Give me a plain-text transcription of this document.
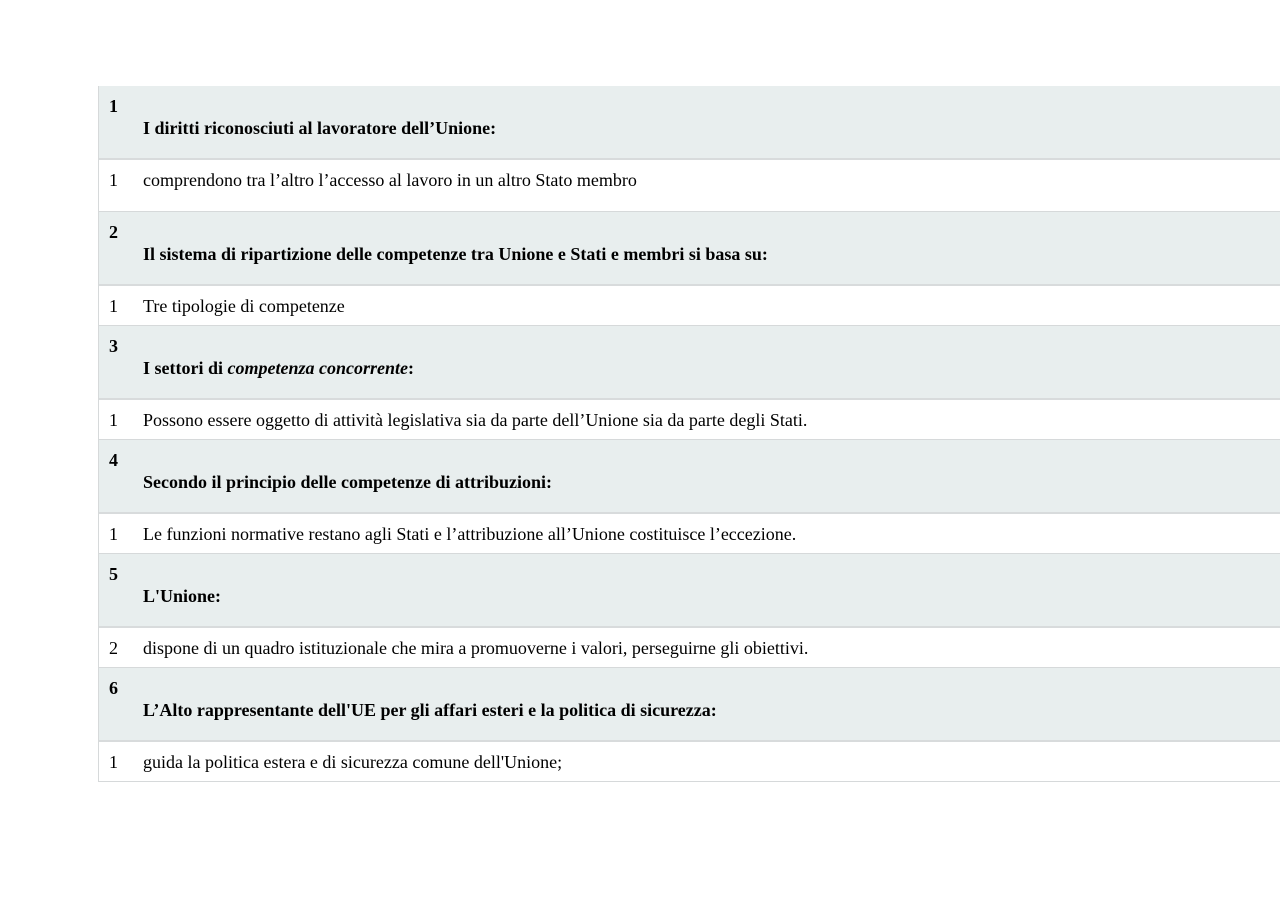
1
I diritti riconosciuti al lavoratore dell’Unione:
1 comprendono tra l’altro l’accesso al lavoro in un altro Stato membro
2
Il sistema di ripartizione delle competenze tra Unione e Stati e membri si basa su:
1 Tre tipologie di competenze
3
I settori di competenza concorrente:
1 Possono essere oggetto di attività legislativa sia da parte dell’Unione sia da parte degli Stati.
4
Secondo il principio delle competenze di attribuzioni:
1 Le funzioni normative restano agli Stati e l’attribuzione all’Unione costituisce l’eccezione.
5
L'Unione:
2 dispone di un quadro istituzionale che mira a promuoverne i valori, perseguirne gli obiettivi.
6
L’Alto rappresentante dell'UE per gli affari esteri e la politica di sicurezza:
1 guida la politica estera e di sicurezza comune dell'Unione;
